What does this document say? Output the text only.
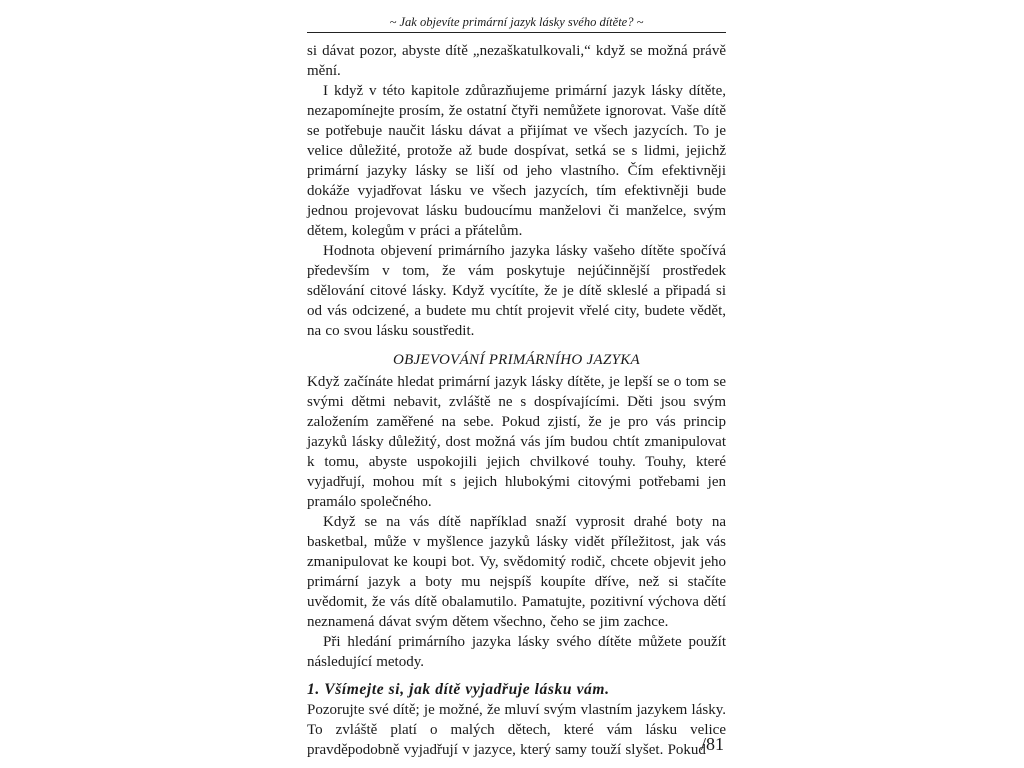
~ Jak objevíte primární jazyk lásky svého dítěte? ~

si dávat pozor, abyste dítě „nezaškatulkovali,“ když se možná právě mění.

I když v této kapitole zdůrazňujeme primární jazyk lásky dítěte, nezapomínejte prosím, že ostatní čtyři nemůžete ignorovat. Vaše dítě se potřebuje naučit lásku dávat a přijímat ve všech jazycích. To je velice důležité, protože až bude dospívat, setká se s lidmi, jejichž primární jazyky lásky se liší od jeho vlastního. Čím efektivněji dokáže vyjadřovat lásku ve všech jazycích, tím efektivněji bude jednou projevovat lásku budoucímu manželovi či manželce, svým dětem, kolegům v práci a přátelům.

Hodnota objevení primárního jazyka lásky vašeho dítěte spočívá především v tom, že vám poskytuje nejúčinnější prostředek sdělování citové lásky. Když vycítíte, že je dítě skleslé a připadá si od vás odcizené, a budete mu chtít projevit vřelé city, budete vědět, na co svou lásku soustředit.

OBJEVOVÁNÍ PRIMÁRNÍHO JAZYKA

Když začínáte hledat primární jazyk lásky dítěte, je lepší se o tom se svými dětmi nebavit, zvláště ne s dospívajícími. Děti jsou svým založením zaměřené na sebe. Pokud zjistí, že je pro vás princip jazyků lásky důležitý, dost možná vás jím budou chtít zmanipulovat k tomu, abyste uspokojili jejich chvilkové touhy. Touhy, které vyjadřují, mohou mít s jejich hlubokými citovými potřebami jen pramálo společného.

Když se na vás dítě například snaží vyprosit drahé boty na basketbal, může v myšlence jazyků lásky vidět příležitost, jak vás zmanipulovat ke koupi bot. Vy, svědomitý rodič, chcete objevit jeho primární jazyk a boty mu nejspíš koupíte dříve, než si stačíte uvědomit, že vás dítě obalamutilo. Pamatujte, pozitivní výchova dětí neznamená dávat svým dětem všechno, čeho se jim zachce.

Při hledání primárního jazyka lásky svého dítěte můžete použít následující metody.

1. Všímejte si, jak dítě vyjadřuje lásku vám.

Pozorujte své dítě; je možné, že mluví svým vlastním jazykem lásky. To zvláště platí o malých dětech, které vám lásku velice pravděpodobně vyjadřují v jazyce, který samy touží slyšet. Pokud

/81
